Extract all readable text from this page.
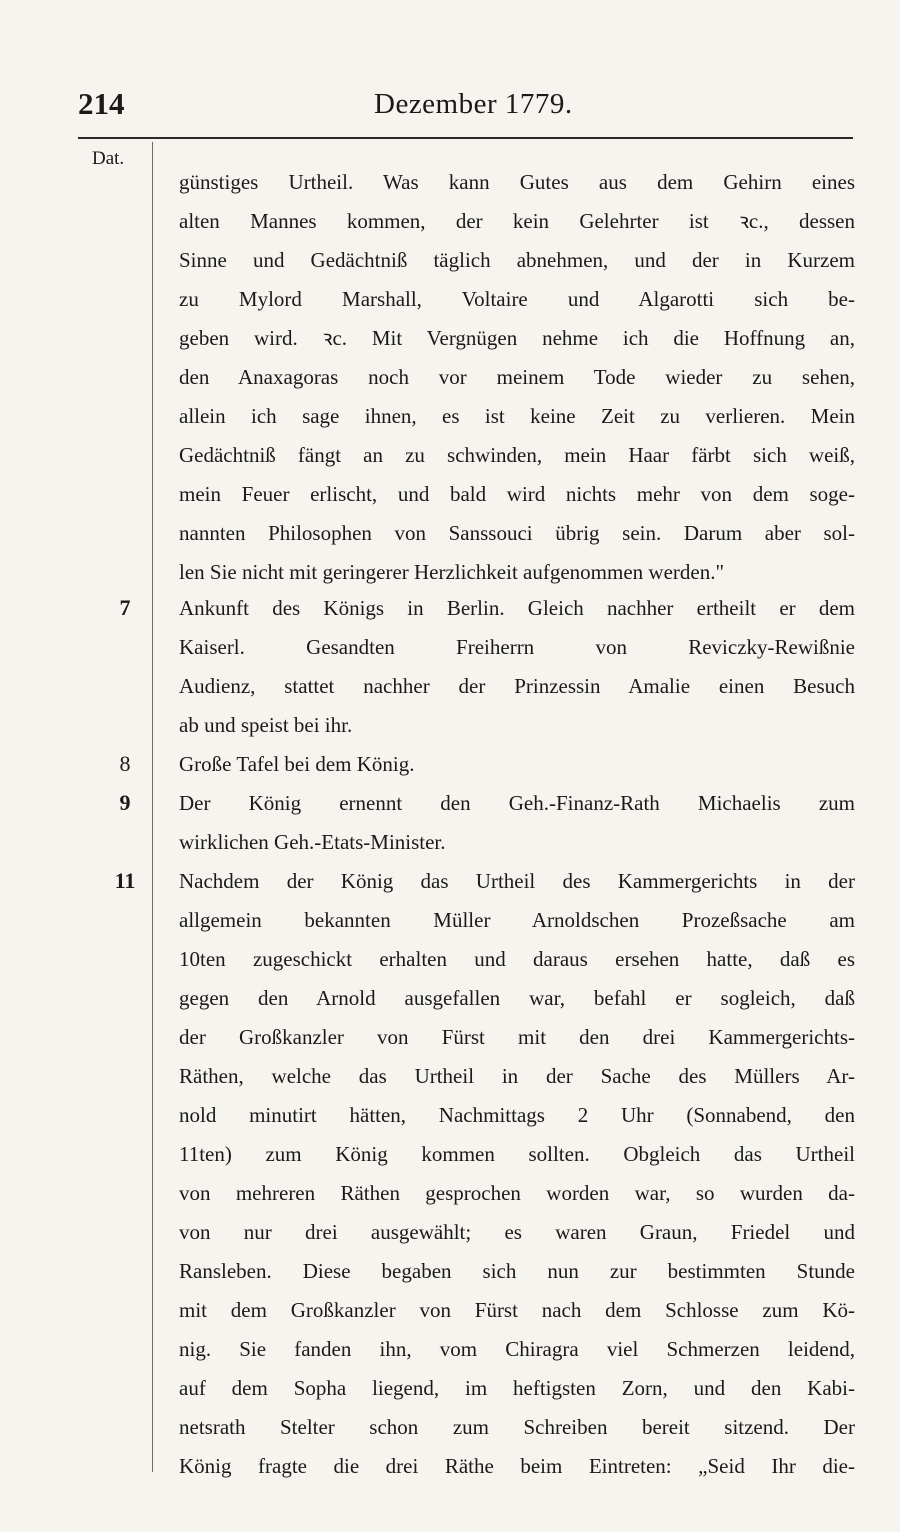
214	Dezember 1779.
Dat.
7
8
9
11
günstiges Urtheil. Was kann Gutes aus dem Gehirn eines
alten Mannes kommen, der kein Gelehrter ist ꝛc., dessen
Sinne und Gedächtniß täglich abnehmen, und der in Kurzem
zu Mylord Marshall, Voltaire und Algarotti sich be-
geben wird. ꝛc. Mit Vergnügen nehme ich die Hoffnung an,
den Anaxagoras noch vor meinem Tode wieder zu sehen,
allein ich sage ihnen, es ist keine Zeit zu verlieren. Mein
Gedächtniß fängt an zu schwinden, mein Haar färbt sich weiß,
mein Feuer erlischt, und bald wird nichts mehr von dem soge-
nannten Philosophen von Sanssouci übrig sein. Darum aber sol-
len Sie nicht mit geringerer Herzlichkeit aufgenommen werden."
Ankunft des Königs in Berlin. Gleich nachher ertheilt er dem
Kaiserl. Gesandten Freiherrn von Reviczky-Rewißnie
Audienz, stattet nachher der Prinzessin Amalie einen Besuch
ab und speist bei ihr.
Große Tafel bei dem König.
Der König ernennt den Geh.-Finanz-Rath Michaelis zum
wirklichen Geh.-Etats-Minister.
Nachdem der König das Urtheil des Kammergerichts in der
allgemein bekannten Müller Arnoldschen Prozeßsache am
10ten zugeschickt erhalten und daraus ersehen hatte, daß es
gegen den Arnold ausgefallen war, befahl er sogleich, daß
der Großkanzler von Fürst mit den drei Kammergerichts-
Räthen, welche das Urtheil in der Sache des Müllers Ar-
nold minutirt hätten, Nachmittags 2 Uhr (Sonnabend, den
11ten) zum König kommen sollten. Obgleich das Urtheil
von mehreren Räthen gesprochen worden war, so wurden da-
von nur drei ausgewählt; es waren Graun, Friedel und
Ransleben. Diese begaben sich nun zur bestimmten Stunde
mit dem Großkanzler von Fürst nach dem Schlosse zum Kö-
nig. Sie fanden ihn, vom Chiragra viel Schmerzen leidend,
auf dem Sopha liegend, im heftigsten Zorn, und den Kabi-
netsrath Stelter schon zum Schreiben bereit sitzend. Der
König fragte die drei Räthe beim Eintreten: „Seid Ihr die-
